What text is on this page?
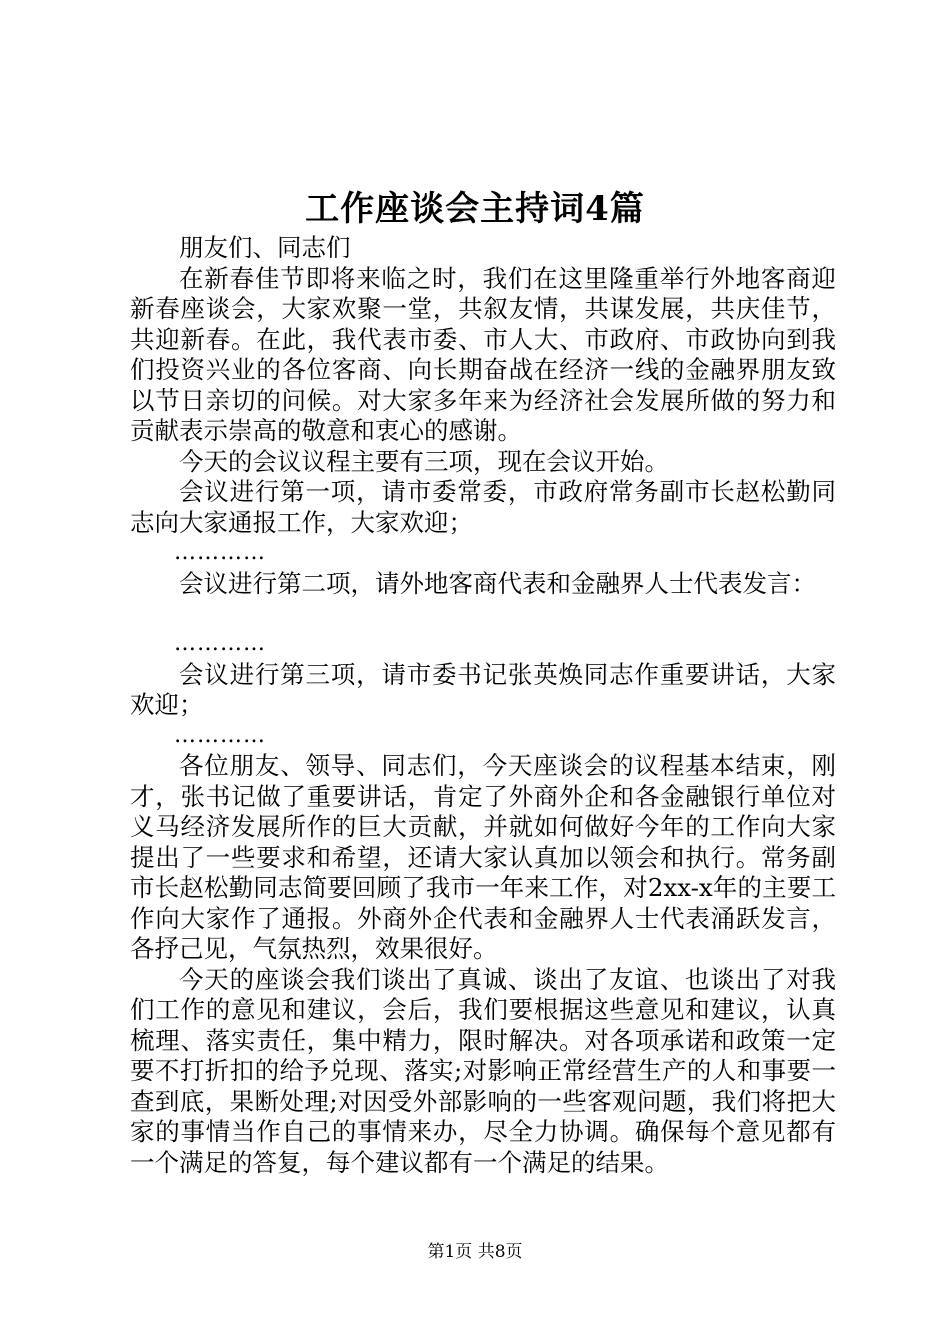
工作座谈会主持词4篇

朋友们、同志们

在新春佳节即将来临之时，我们在这里隆重举行外地客商迎新春座谈会，大家欢聚一堂，共叙友情，共谋发展，共庆佳节，共迎新春。在此，我代表市委、市人大、市政府、市政协向到我们投资兴业的各位客商、向长期奋战在经济一线的金融界朋友致以节日亲切的问候。对大家多年来为经济社会发展所做的努力和贡献表示崇高的敬意和衷心的感谢。

今天的会议议程主要有三项，现在会议开始。

会议进行第一项，请市委常委，市政府常务副市长赵松勤同志向大家通报工作，大家欢迎；

…………

会议进行第二项，请外地客商代表和金融界人士代表发言：

…………

会议进行第三项，请市委书记张英焕同志作重要讲话，大家欢迎；

…………

各位朋友、领导、同志们，今天座谈会的议程基本结束，刚才，张书记做了重要讲话，肯定了外商外企和各金融银行单位对义马经济发展所作的巨大贡献，并就如何做好今年的工作向大家提出了一些要求和希望，还请大家认真加以领会和执行。常务副市长赵松勤同志简要回顾了我市一年来工作，对2xx-x年的主要工作向大家作了通报。外商外企代表和金融界人士代表涌跃发言，各抒己见，气氛热烈，效果很好。

今天的座谈会我们谈出了真诚、谈出了友谊、也谈出了对我们工作的意见和建议，会后，我们要根据这些意见和建议，认真梳理、落实责任，集中精力，限时解决。对各项承诺和政策一定要不打折扣的给予兑现、落实;对影响正常经营生产的人和事要一查到底，果断处理;对因受外部影响的一些客观问题，我们将把大家的事情当作自己的事情来办，尽全力协调。确保每个意见都有一个满足的答复，每个建议都有一个满足的结果。

第1页 共8页
